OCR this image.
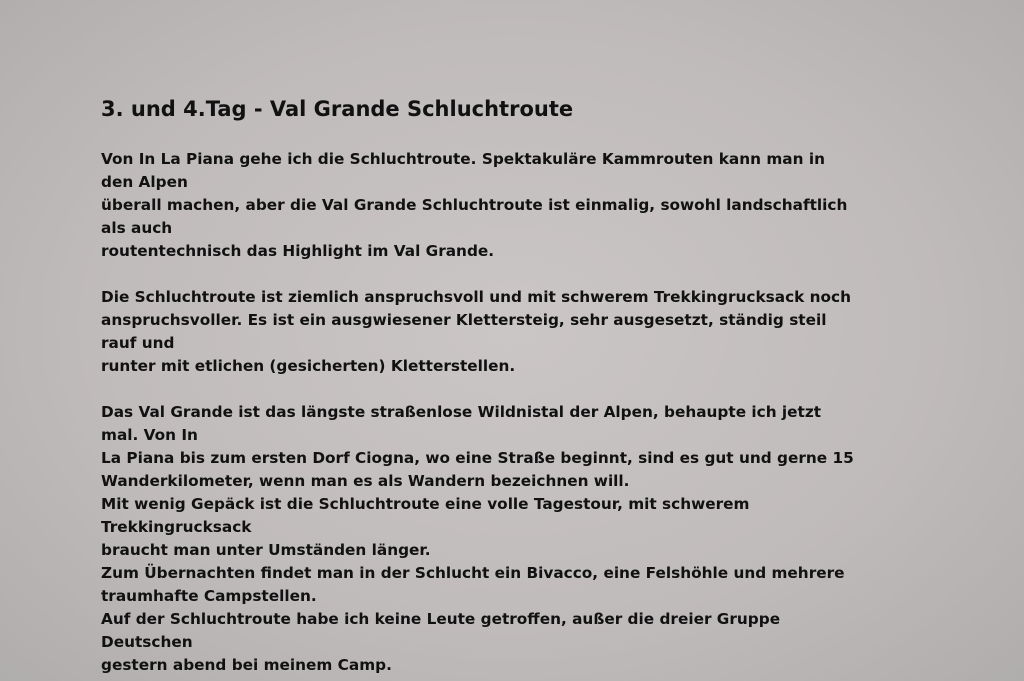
3. und 4.Tag - Val Grande Schluchtroute

Von In La Piana gehe ich die Schluchtroute. Spektakuläre Kammrouten kann man in den Alpen
überall machen, aber die Val Grande Schluchtroute ist einmalig, sowohl landschaftlich als auch
routentechnisch das Highlight im Val Grande.

Die Schluchtroute ist ziemlich anspruchsvoll und mit schwerem Trekkingrucksack noch
anspruchsvoller. Es ist ein ausgwiesener Klettersteig, sehr ausgesetzt, ständig steil rauf und
runter mit etlichen (gesicherten) Kletterstellen.

Das Val Grande ist das längste straßenlose Wildnistal der Alpen, behaupte ich jetzt mal. Von In
La Piana bis zum ersten Dorf Ciogna, wo eine Straße beginnt, sind es gut und gerne 15
Wanderkilometer, wenn man es als Wandern bezeichnen will.
Mit wenig Gepäck ist die Schluchtroute eine volle Tagestour, mit schwerem Trekkingrucksack
braucht man unter Umständen länger.
Zum Übernachten findet man in der Schlucht ein Bivacco, eine Felshöhle und mehrere
traumhafte Campstellen.
Auf der Schluchtroute habe ich keine Leute getroffen, außer die dreier Gruppe Deutschen
gestern abend bei meinem Camp.
